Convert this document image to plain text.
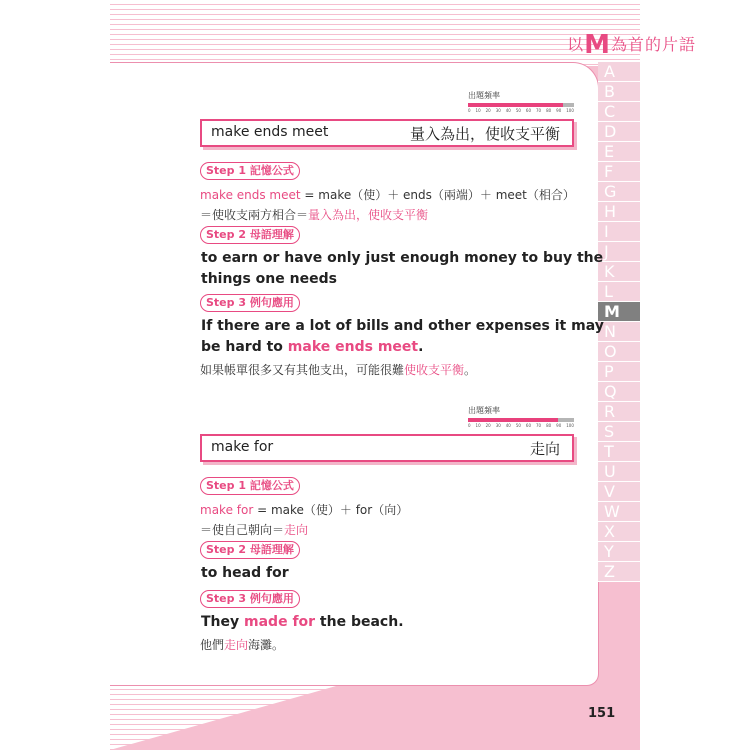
以M為首的片語
A
B
C
D
E
F
G
H
I
J
K
L
M
N
O
P
Q
R
S
T
U
V
W
X
Y
Z
出題頻率
0 10 20 30 40 50 60 70 80 90 100
make ends meet	量入為出，使收支平衡
Step 1 記憶公式
make ends meet = make（使）＋ ends（兩端）＋ meet（相合）
＝使收支兩方相合＝量入為出，使收支平衡
Step 2 母語理解
to earn or have only just enough money to buy the
things one needs
Step 3 例句應用
If there are a lot of bills and other expenses it may
be hard to make ends meet.
如果帳單很多又有其他支出，可能很難使收支平衡。
出題頻率
0 10 20 30 40 50 60 70 80 90 100
make for	走向
Step 1 記憶公式
make for = make（使）＋ for（向）
＝使自己朝向＝走向
Step 2 母語理解
to head for
Step 3 例句應用
They made for the beach.
他們走向海灘。
151
